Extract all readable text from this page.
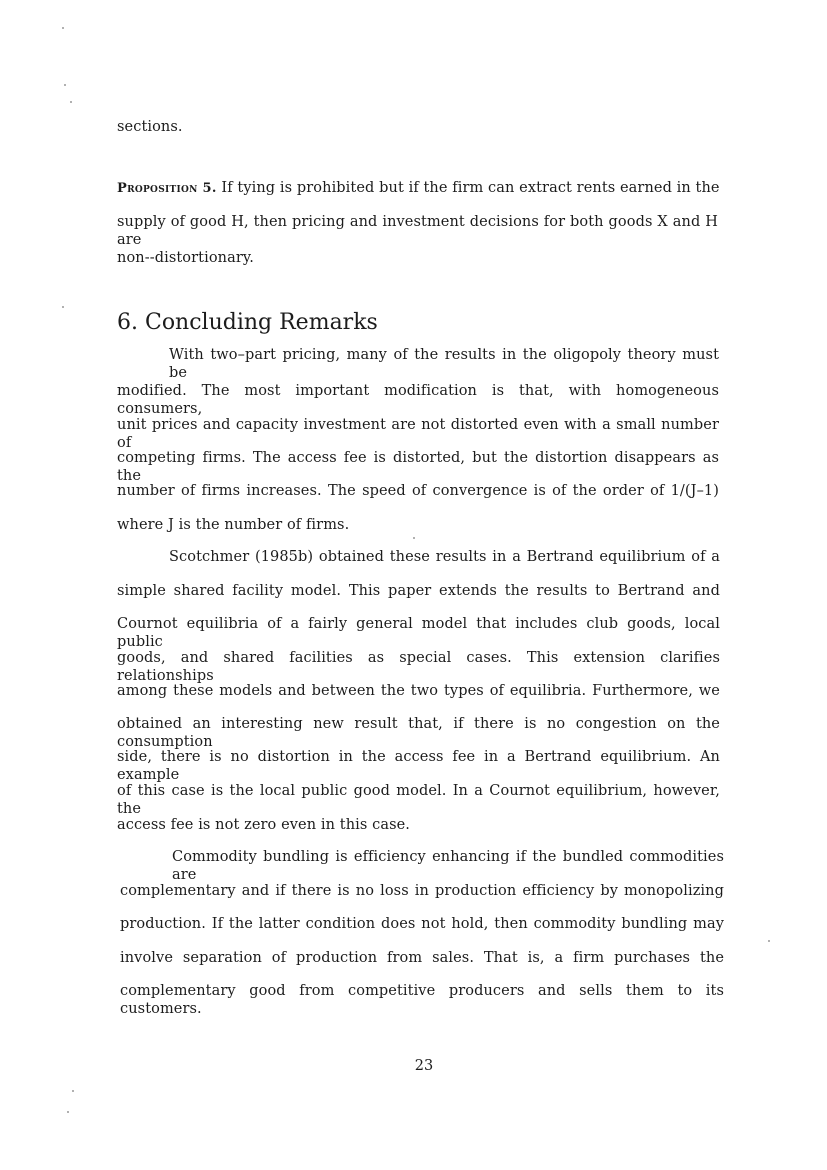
sections.
Proposition 5. If tying is prohibited but if the firm can extract rents earned in the
supply of good H, then pricing and investment decisions for both goods X and H are
non--distortionary.
6. Concluding Remarks
With two–part pricing, many of the results in the oligopoly theory must be
modified. The most important modification is that, with homogeneous consumers,
unit prices and capacity investment are not distorted even with a small number of
competing firms. The access fee is distorted, but the distortion disappears as the
number of firms increases. The speed of convergence is of the order of 1/(J–1)
where J is the number of firms.
Scotchmer (1985b) obtained these results in a Bertrand equilibrium of a
simple shared facility model. This paper extends the results to Bertrand and
Cournot equilibria of a fairly general model that includes club goods, local public
goods, and shared facilities as special cases. This extension clarifies relationships
among these models and between the two types of equilibria. Furthermore, we
obtained an interesting new result that, if there is no congestion on the consumption
side, there is no distortion in the access fee in a Bertrand equilibrium. An example
of this case is the local public good model. In a Cournot equilibrium, however, the
access fee is not zero even in this case.
Commodity bundling is efficiency enhancing if the bundled commodities are
complementary and if there is no loss in production efficiency by monopolizing
production. If the latter condition does not hold, then commodity bundling may
involve separation of production from sales. That is, a firm purchases the
complementary good from competitive producers and sells them to its customers.
23
